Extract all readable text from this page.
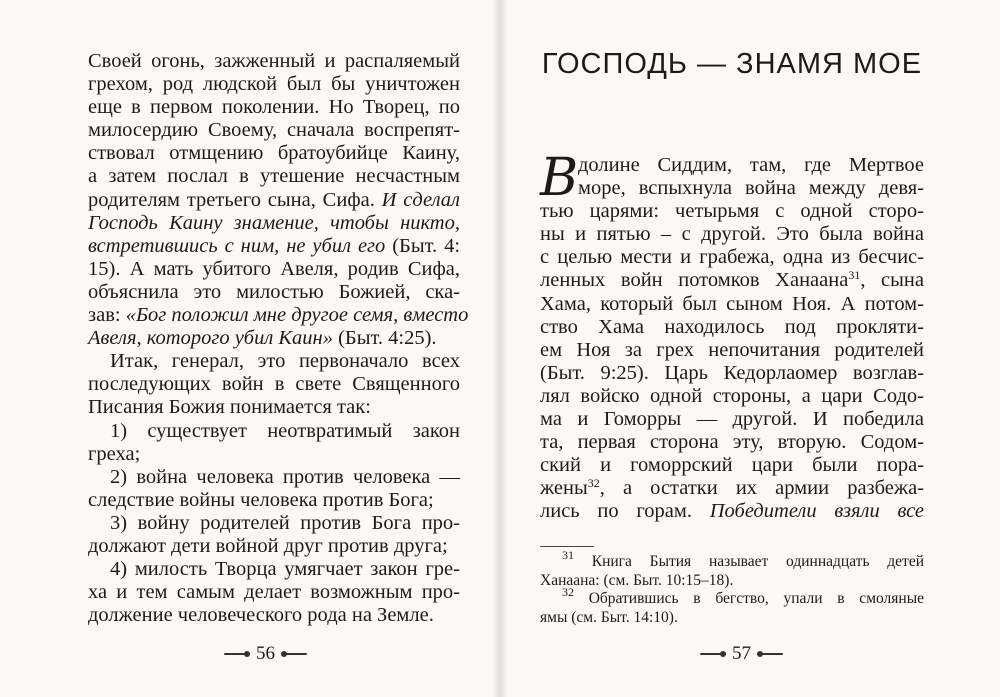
Своей огонь, зажженный и распаляемый
грехом, род людской был бы уничтожен
еще в первом поколении. Но Творец, по
милосердию Своему, сначала воспрепят-
ствовал отмщению братоубийце Каину,
а затем послал в утешение несчастным
родителям третьего сына, Сифа. И сделал
Господь Каину знамение, чтобы никто,
встретившись с ним, не убил его (Быт. 4:
15). А мать убитого Авеля, родив Сифа,
объяснила это милостью Божией, ска-
зав: «Бог положил мне другое семя, вместо
Авеля, которого убил Каин» (Быт. 4:25).
Итак, генерал, это первоначало всех
последующих войн в свете Священного
Писания Божия понимается так:
1) существует неотвратимый закон
греха;
2) война человека против человека —
следствие войны человека против Бога;
3) войну родителей против Бога про-
должают дети войной друг против друга;
4) милость Творца умягчает закон гре-
ха и тем самым делает возможным про-
должение человеческого рода на Земле.
56
ГОСПОДЬ — ЗНАМЯ МОЕ
В долине Сиддим, там, где Мертвое
море, вспыхнула война между девя-
тью царями: четырьмя с одной сторо-
ны и пятью – с другой. Это была война
с целью мести и грабежа, одна из бесчис-
ленных войн потомков Ханаана$^{31}$, сына
Хама, который был сыном Ноя. А потом-
ство Хама находилось под прокляти-
ем Ноя за грех непочитания родителей
(Быт. 9:25). Царь Кедорлаомер возглав-
лял войско одной стороны, а цари Содо-
ма и Гоморры — другой. И победила
та, первая сторона эту, вторую. Содом-
ский и гоморрский цари были пора-
жены$^{32}$, а остатки их армии разбежа-
лись по горам. Победители взяли все
$^{31}$ Книга Бытия называет одиннадцать детей
Ханаана: (см. Быт. 10:15–18).
$^{32}$ Обратившись в бегство, упали в смоляные
ямы (см. Быт. 14:10).
57
